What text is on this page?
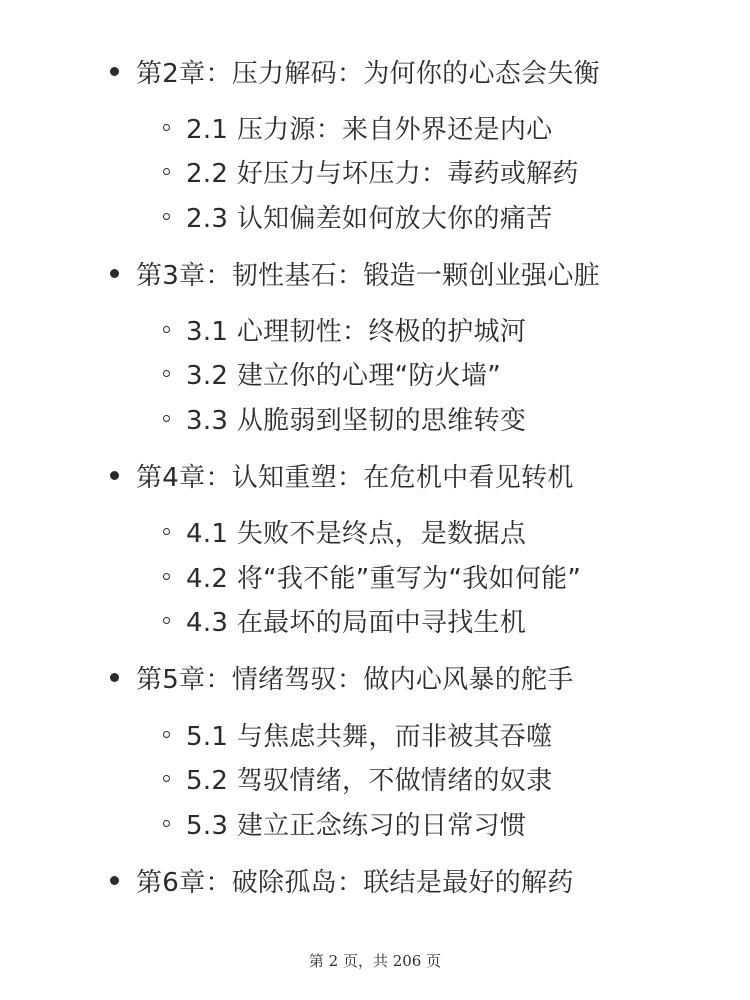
第2章：压力解码：为何你的心态会失衡
2.1 压力源：来自外界还是内心
2.2 好压力与坏压力：毒药或解药
2.3 认知偏差如何放大你的痛苦
第3章：韧性基石：锻造一颗创业强心脏
3.1 心理韧性：终极的护城河
3.2 建立你的心理“防火墙”
3.3 从脆弱到坚韧的思维转变
第4章：认知重塑：在危机中看见转机
4.1 失败不是终点，是数据点
4.2 将“我不能”重写为“我如何能”
4.3 在最坏的局面中寻找生机
第5章：情绪驾驭：做内心风暴的舵手
5.1 与焦虑共舞，而非被其吞噬
5.2 驾驭情绪，不做情绪的奴隶
5.3 建立正念练习的日常习惯
第6章：破除孤岛：联结是最好的解药
第 2 页，共 206 页
